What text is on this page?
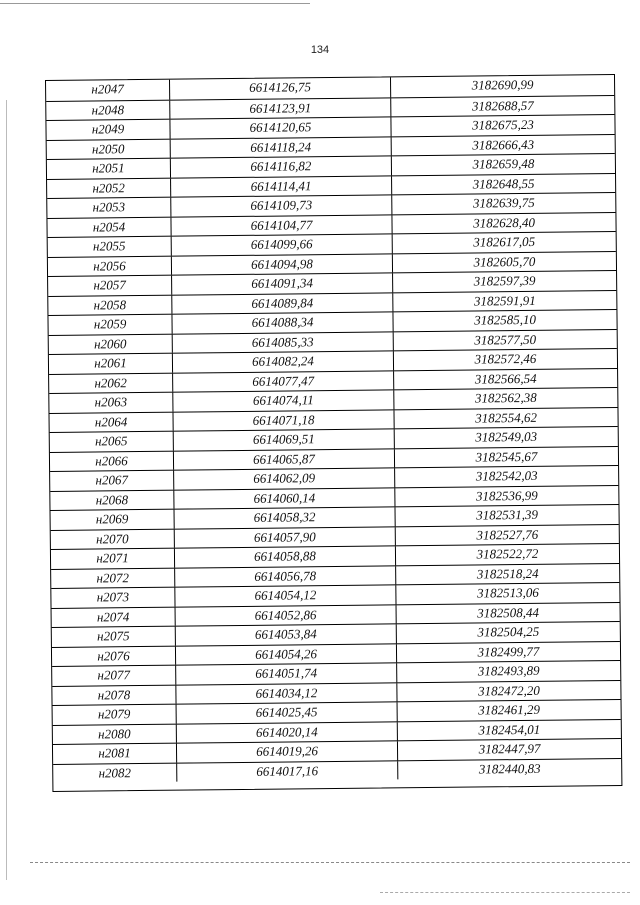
134
н2047	6614126,75	3182690,99
н2048	6614123,91	3182688,57
н2049	6614120,65	3182675,23
н2050	6614118,24	3182666,43
н2051	6614116,82	3182659,48
н2052	6614114,41	3182648,55
н2053	6614109,73	3182639,75
н2054	6614104,77	3182628,40
н2055	6614099,66	3182617,05
н2056	6614094,98	3182605,70
н2057	6614091,34	3182597,39
н2058	6614089,84	3182591,91
н2059	6614088,34	3182585,10
н2060	6614085,33	3182577,50
н2061	6614082,24	3182572,46
н2062	6614077,47	3182566,54
н2063	6614074,11	3182562,38
н2064	6614071,18	3182554,62
н2065	6614069,51	3182549,03
н2066	6614065,87	3182545,67
н2067	6614062,09	3182542,03
н2068	6614060,14	3182536,99
н2069	6614058,32	3182531,39
н2070	6614057,90	3182527,76
н2071	6614058,88	3182522,72
н2072	6614056,78	3182518,24
н2073	6614054,12	3182513,06
н2074	6614052,86	3182508,44
н2075	6614053,84	3182504,25
н2076	6614054,26	3182499,77
н2077	6614051,74	3182493,89
н2078	6614034,12	3182472,20
н2079	6614025,45	3182461,29
н2080	6614020,14	3182454,01
н2081	6614019,26	3182447,97
н2082	6614017,16	3182440,83
